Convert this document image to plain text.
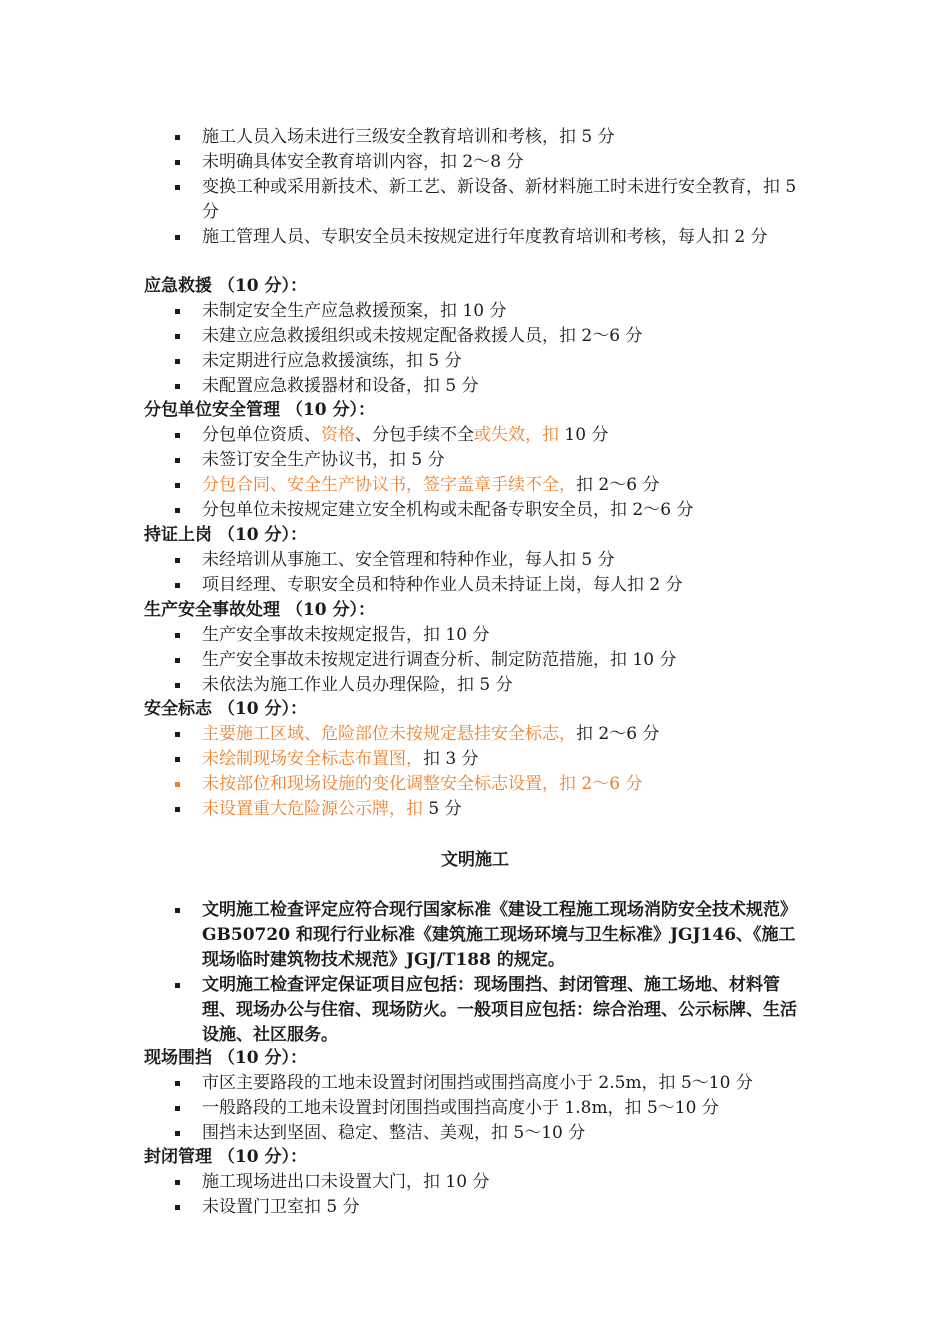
施工人员入场未进行三级安全教育培训和考核，扣 5 分
未明确具体安全教育培训内容，扣 2～8 分
变换工种或采用新技术、新工艺、新设备、新材料施工时未进行安全教育，扣 5 分
施工管理人员、专职安全员未按规定进行年度教育培训和考核，每人扣 2 分
应急救援 （10 分）：
未制定安全生产应急救援预案，扣 10 分
未建立应急救援组织或未按规定配备救援人员，扣 2～6 分
未定期进行应急救援演练，扣 5 分
未配置应急救援器材和设备，扣 5 分
分包单位安全管理 （10 分）：
分包单位资质、资格、分包手续不全或失效，扣 10 分
未签订安全生产协议书，扣 5 分
分包合同、安全生产协议书，签字盖章手续不全，扣 2～6 分
分包单位未按规定建立安全机构或未配备专职安全员，扣 2～6 分
持证上岗 （10 分）：
未经培训从事施工、安全管理和特种作业，每人扣 5 分
项目经理、专职安全员和特种作业人员未持证上岗，每人扣 2 分
生产安全事故处理 （10 分）：
生产安全事故未按规定报告，扣 10 分
生产安全事故未按规定进行调查分析、制定防范措施，扣 10 分
未依法为施工作业人员办理保险，扣 5 分
安全标志 （10 分）：
主要施工区域、危险部位未按规定悬挂安全标志，扣 2～6 分
未绘制现场安全标志布置图，扣 3 分
未按部位和现场设施的变化调整安全标志设置，扣 2～6 分
未设置重大危险源公示牌，扣 5 分
文明施工
文明施工检查评定应符合现行国家标准《建设工程施工现场消防安全技术规范》GB50720 和现行行业标准《建筑施工现场环境与卫生标准》JGJ146、《施工现场临时建筑物技术规范》JGJ/T188 的规定。
文明施工检查评定保证项目应包括：现场围挡、封闭管理、施工场地、材料管理、现场办公与住宿、现场防火。一般项目应包括：综合治理、公示标牌、生活设施、社区服务。
现场围挡 （10 分）：
市区主要路段的工地未设置封闭围挡或围挡高度小于 2.5m，扣 5～10 分
一般路段的工地未设置封闭围挡或围挡高度小于 1.8m，扣 5～10 分
围挡未达到坚固、稳定、整洁、美观，扣 5～10 分
封闭管理 （10 分）：
施工现场进出口未设置大门，扣 10 分
未设置门卫室扣 5 分
